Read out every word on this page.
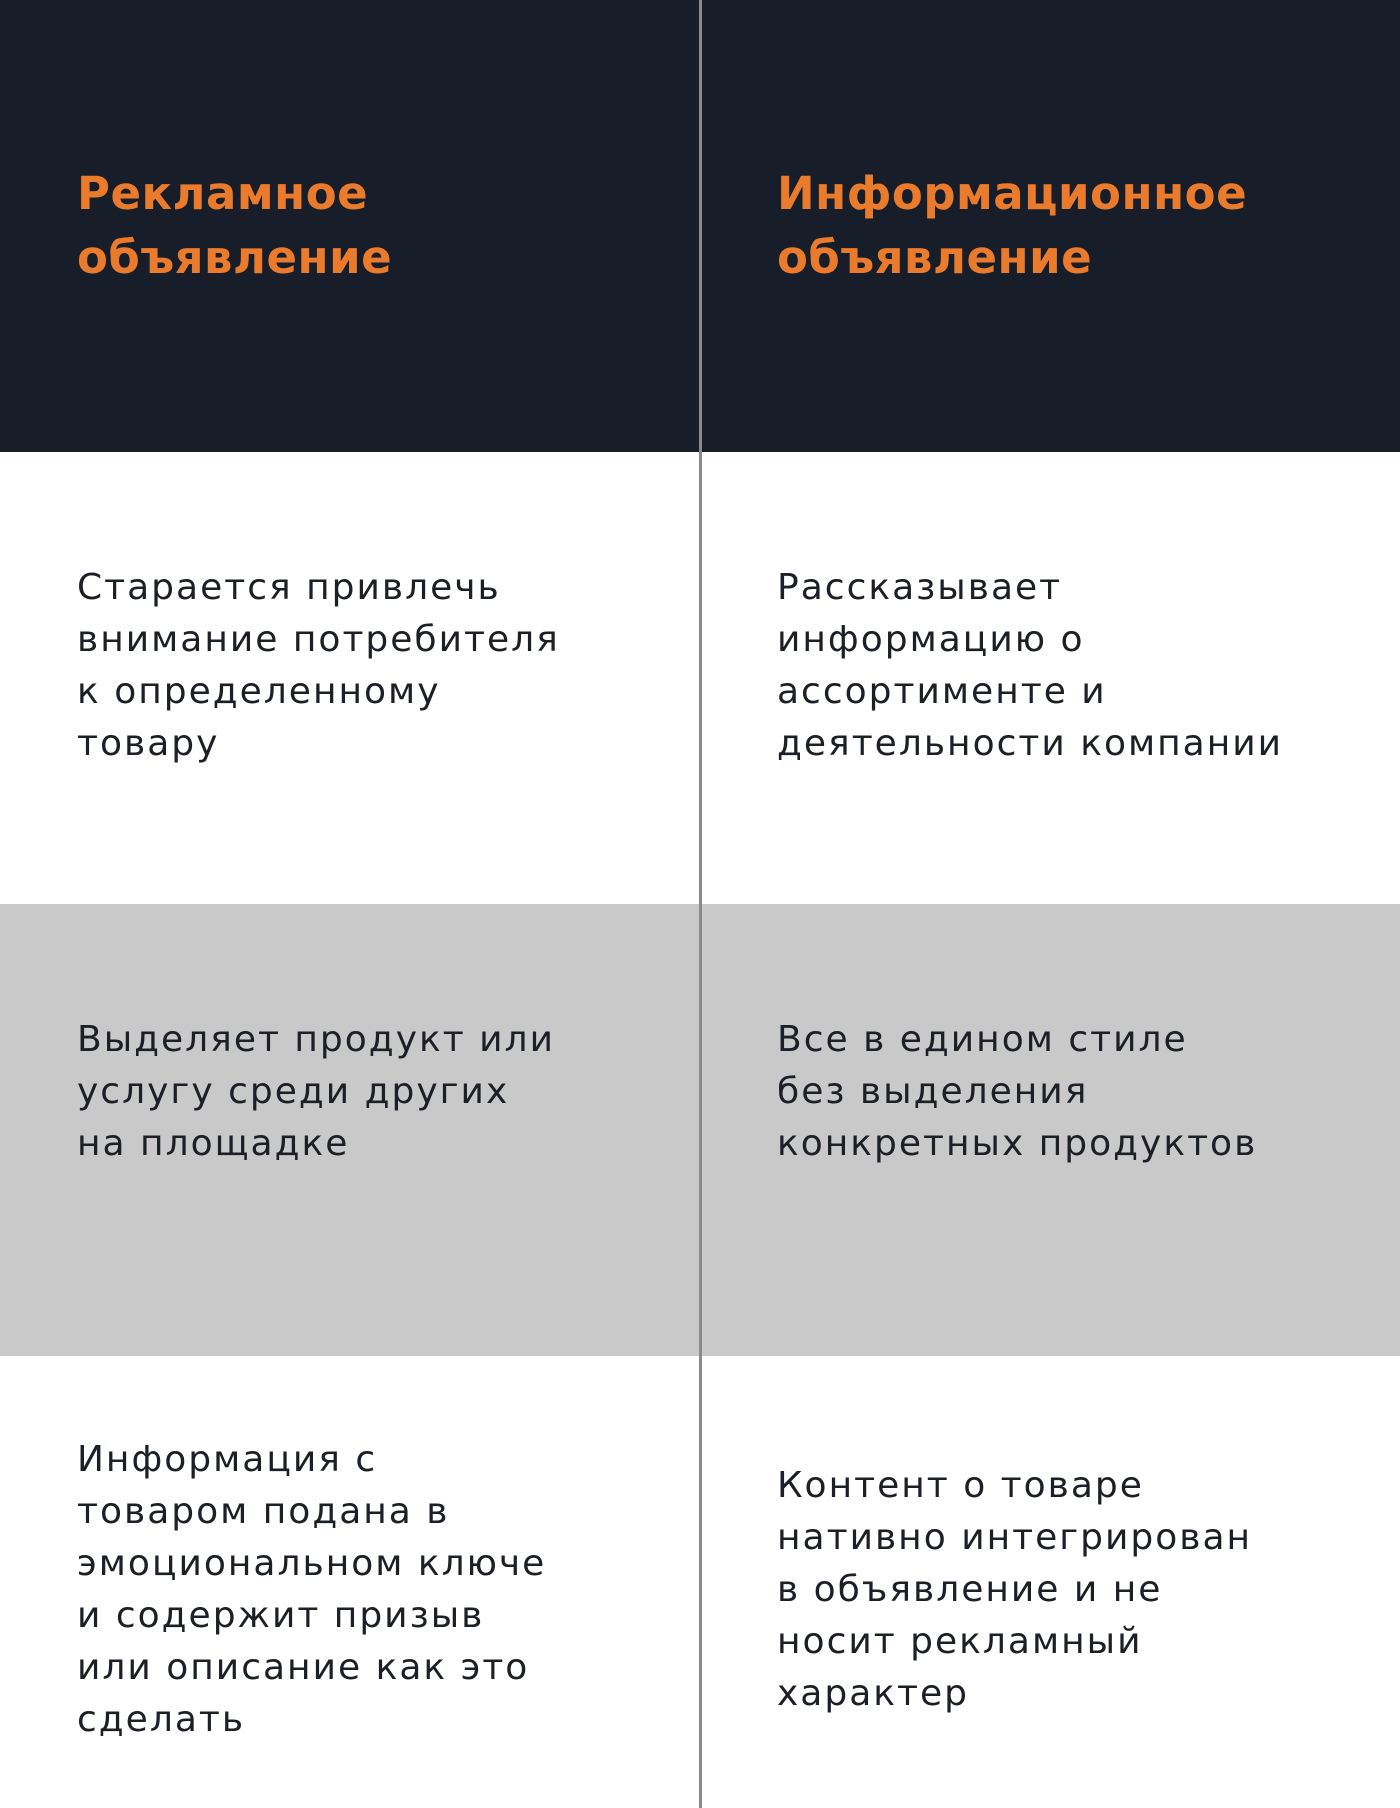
Рекламное
объявление
Информационное
объявление

Старается привлечь
внимание потребителя
к определенному
товару

Рассказывает
информацию о
ассортименте и
деятельности компании

Выделяет продукт или
услугу среди других
на площадке

Все в едином стиле
без выделения
конкретных продуктов

Информация с
товаром подана в
эмоциональном ключе
и содержит призыв
или описание как это
сделать

Контент о товаре
нативно интегрирован
в объявление и не
носит рекламный
характер
